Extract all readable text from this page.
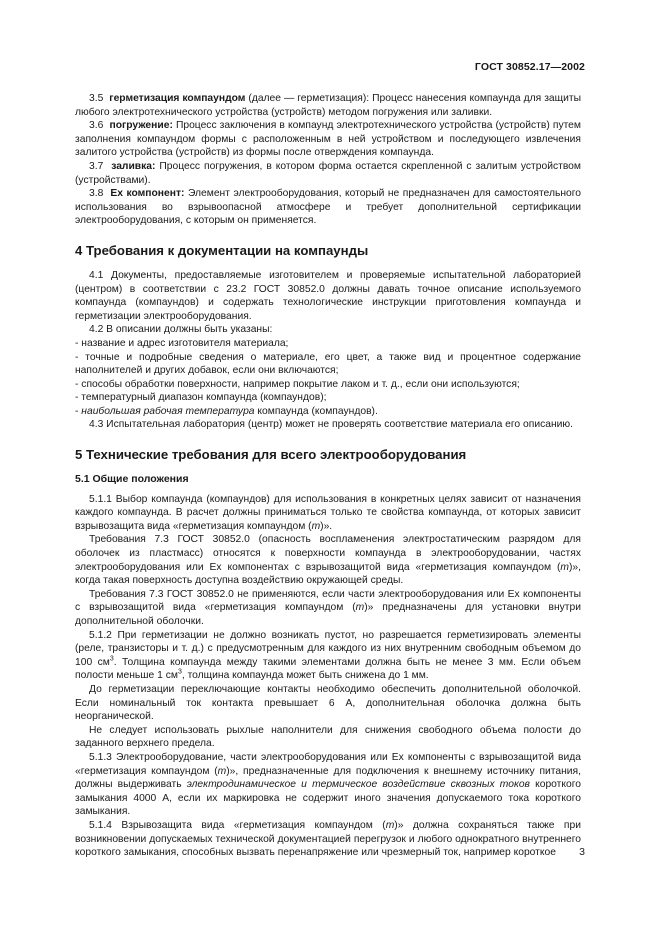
ГОСТ 30852.17—2002

3.5 герметизация компаундом (далее — герметизация): Процесс нанесения компаунда для защиты любого электротехнического устройства (устройств) методом погружения или заливки.

3.6 погружение: Процесс заключения в компаунд электротехнического устройства (устройств) путем заполнения компаундом формы с расположенным в ней устройством и последующего извлечения залитого устройства (устройств) из формы после отверждения компаунда.

3.7 заливка: Процесс погружения, в котором форма остается скрепленной с залитым устройством (устройствами).

3.8 Ex компонент: Элемент электрооборудования, который не предназначен для самостоятельного использования во взрывоопасной атмосфере и требует дополнительной сертификации электрооборудования, с которым он применяется.

4 Требования к документации на компаунды

4.1 Документы, предоставляемые изготовителем и проверяемые испытательной лабораторией (центром) в соответствии с 23.2 ГОСТ 30852.0 должны давать точное описание используемого компаунда (компаундов) и содержать технологические инструкции приготовления компаунда и герметизации электрооборудования.

4.2 В описании должны быть указаны:

- название и адрес изготовителя материала;

- точные и подробные сведения о материале, его цвет, а также вид и процентное содержание наполнителей и других добавок, если они включаются;

- способы обработки поверхности, например покрытие лаком и т. д., если они используются;

- температурный диапазон компаунда (компаундов);

- наибольшая рабочая температура компаунда (компаундов).

4.3 Испытательная лаборатория (центр) может не проверять соответствие материала его описанию.

5 Технические требования для всего электрооборудования
5.1 Общие положения

5.1.1 Выбор компаунда (компаундов) для использования в конкретных целях зависит от назначения каждого компаунда. В расчет должны приниматься только те свойства компаунда, от которых зависит взрывозащита вида «герметизация компаундом (m)».

Требования 7.3 ГОСТ 30852.0 (опасность воспламенения электростатическим разрядом для оболочек из пластмасс) относятся к поверхности компаунда в электрооборудовании, частях электрооборудования или Ex компонентах с взрывозащитой вида «герметизация компаундом (m)», когда такая поверхность доступна воздействию окружающей среды.

Требования 7.3 ГОСТ 30852.0 не применяются, если части электрооборудования или Ex компоненты с взрывозащитой вида «герметизация компаундом (m)» предназначены для установки внутри дополнительной оболочки.

5.1.2 При герметизации не должно возникать пустот, но разрешается герметизировать элементы (реле, транзисторы и т. д.) с предусмотренным для каждого из них внутренним свободным объемом до 100 $см^3$. Толщина компаунда между такими элементами должна быть не менее 3 мм. Если объем полости меньше 1 $см^3$, толщина компаунда может быть снижена до 1 мм.

До герметизации переключающие контакты необходимо обеспечить дополнительной оболочкой. Если номинальный ток контакта превышает 6 А, дополнительная оболочка должна быть неорганической.

Не следует использовать рыхлые наполнители для снижения свободного объема полости до заданного верхнего предела.

5.1.3 Электрооборудование, части электрооборудования или Ex компоненты с взрывозащитой вида «герметизация компаундом (m)», предназначенные для подключения к внешнему источнику питания, должны выдерживать электродинамическое и термическое воздействие сквозных токов короткого замыкания 4000 А, если их маркировка не содержит иного значения допускаемого тока короткого замыкания.

5.1.4 Взрывозащита вида «герметизация компаундом (m)» должна сохраняться также при возникновении допускаемых технической документацией перегрузок и любого однократного внутреннего короткого замыкания, способных вызвать перенапряжение или чрезмерный ток, например короткое	3
